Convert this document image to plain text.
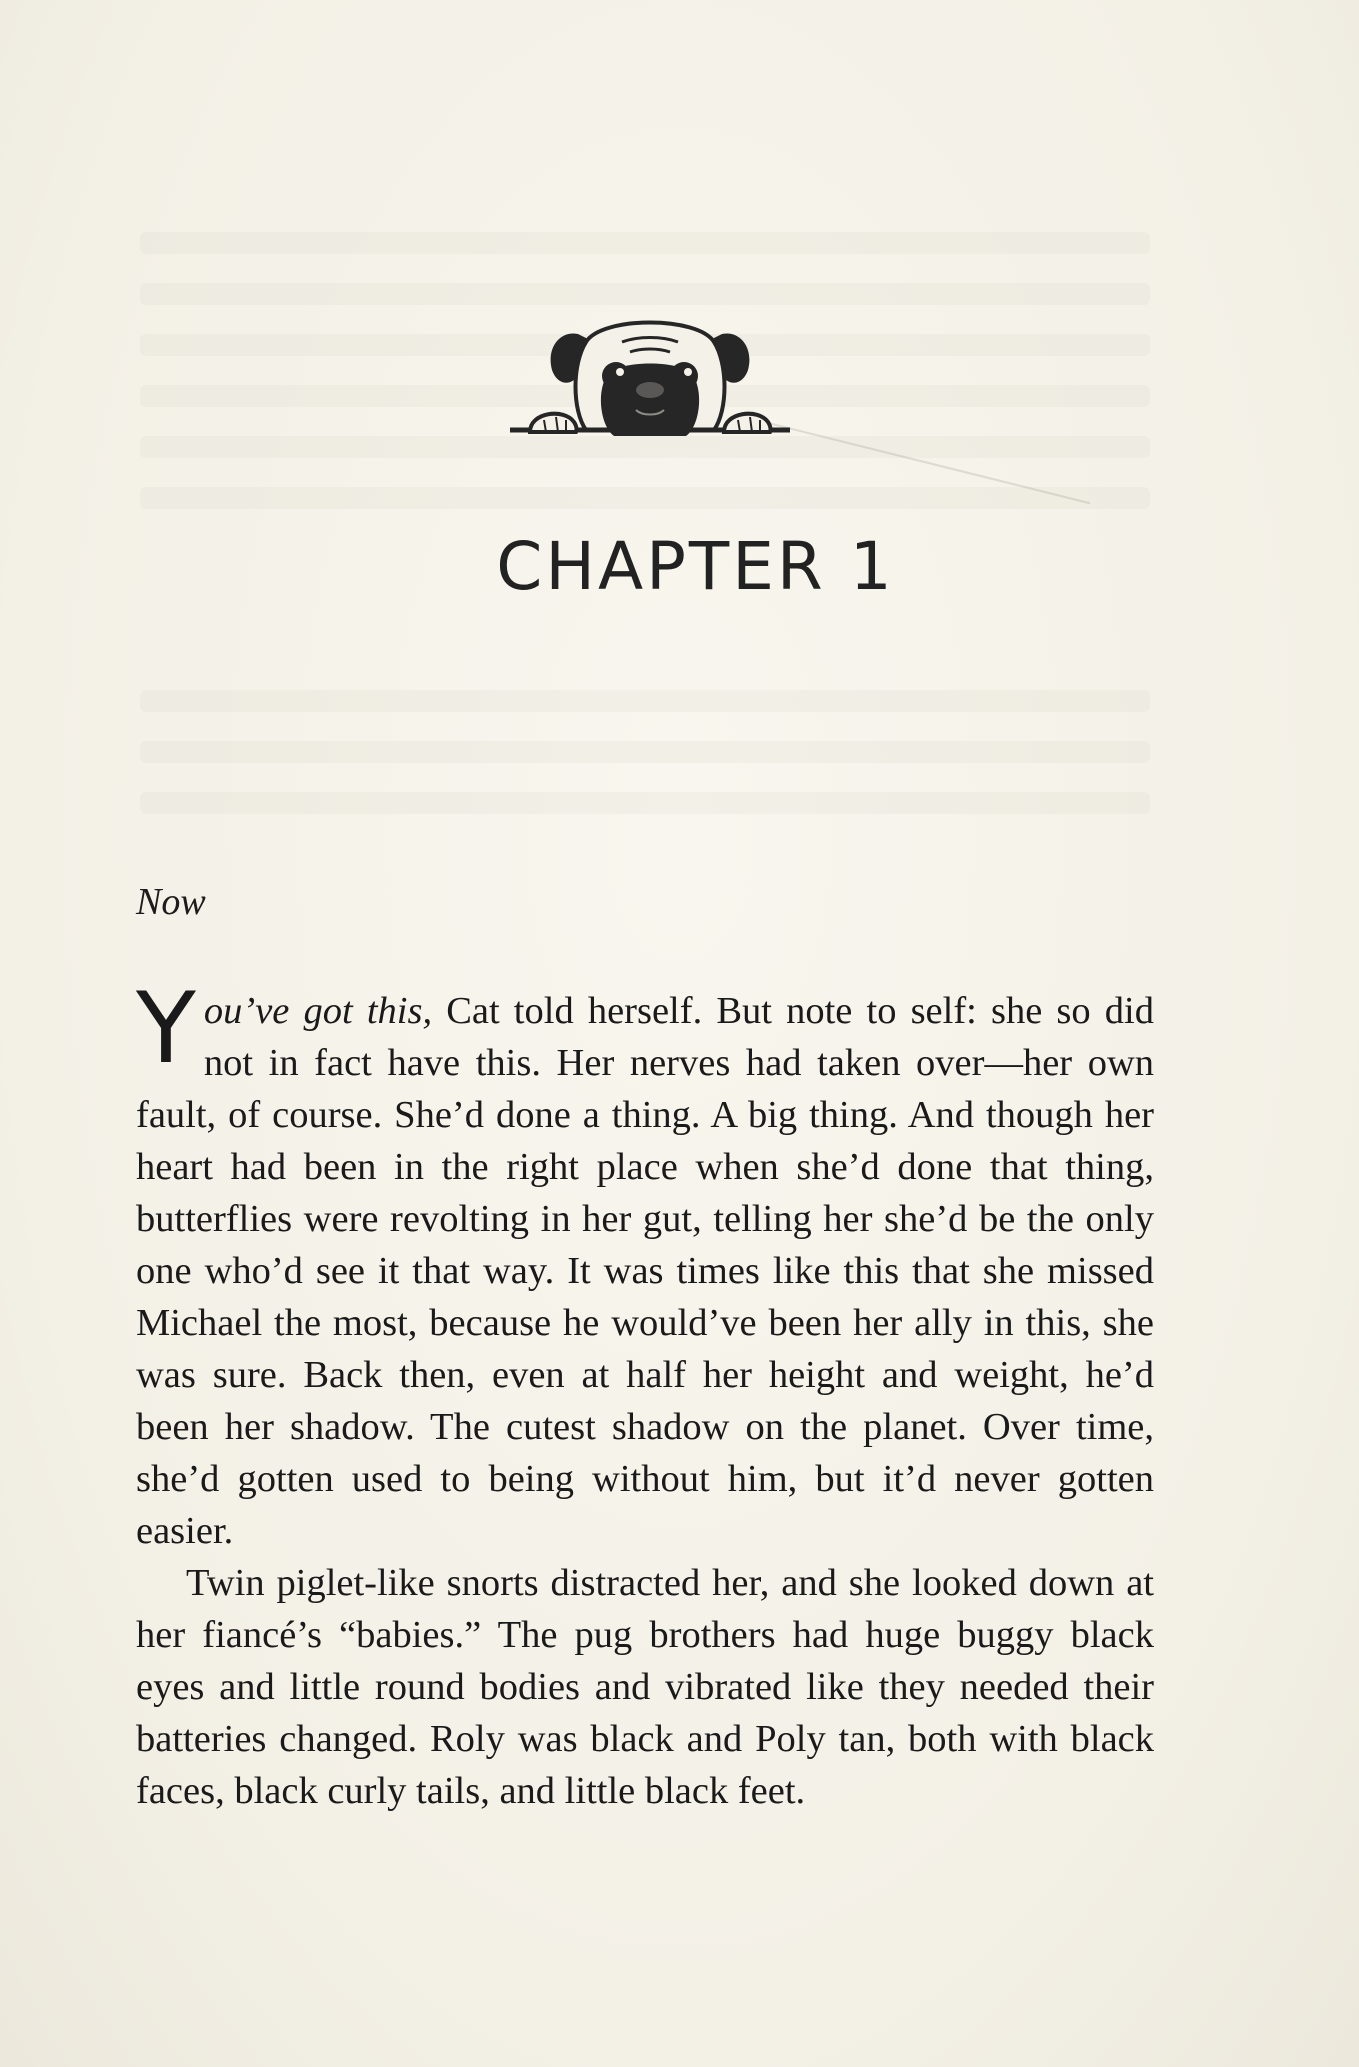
CHAPTER 1
Now

You’ve got this, Cat told herself. But note to self: she so did not in fact have this. Her nerves had taken over—her own fault, of course. She’d done a thing. A big thing. And though her heart had been in the right place when she’d done that thing, butterflies were revolting in her gut, telling her she’d be the only one who’d see it that way. It was times like this that she missed Michael the most, because he would’ve been her ally in this, she was sure. Back then, even at half her height and weight, he’d been her shadow. The cutest shadow on the planet. Over time, she’d gotten used to being without him, but it’d never gotten easier.

Twin piglet-like snorts distracted her, and she looked down at her fiancé’s “babies.” The pug brothers had huge buggy black eyes and little round bodies and vibrated like they needed their batteries changed. Roly was black and Poly tan, both with black faces, black curly tails, and little black feet.
